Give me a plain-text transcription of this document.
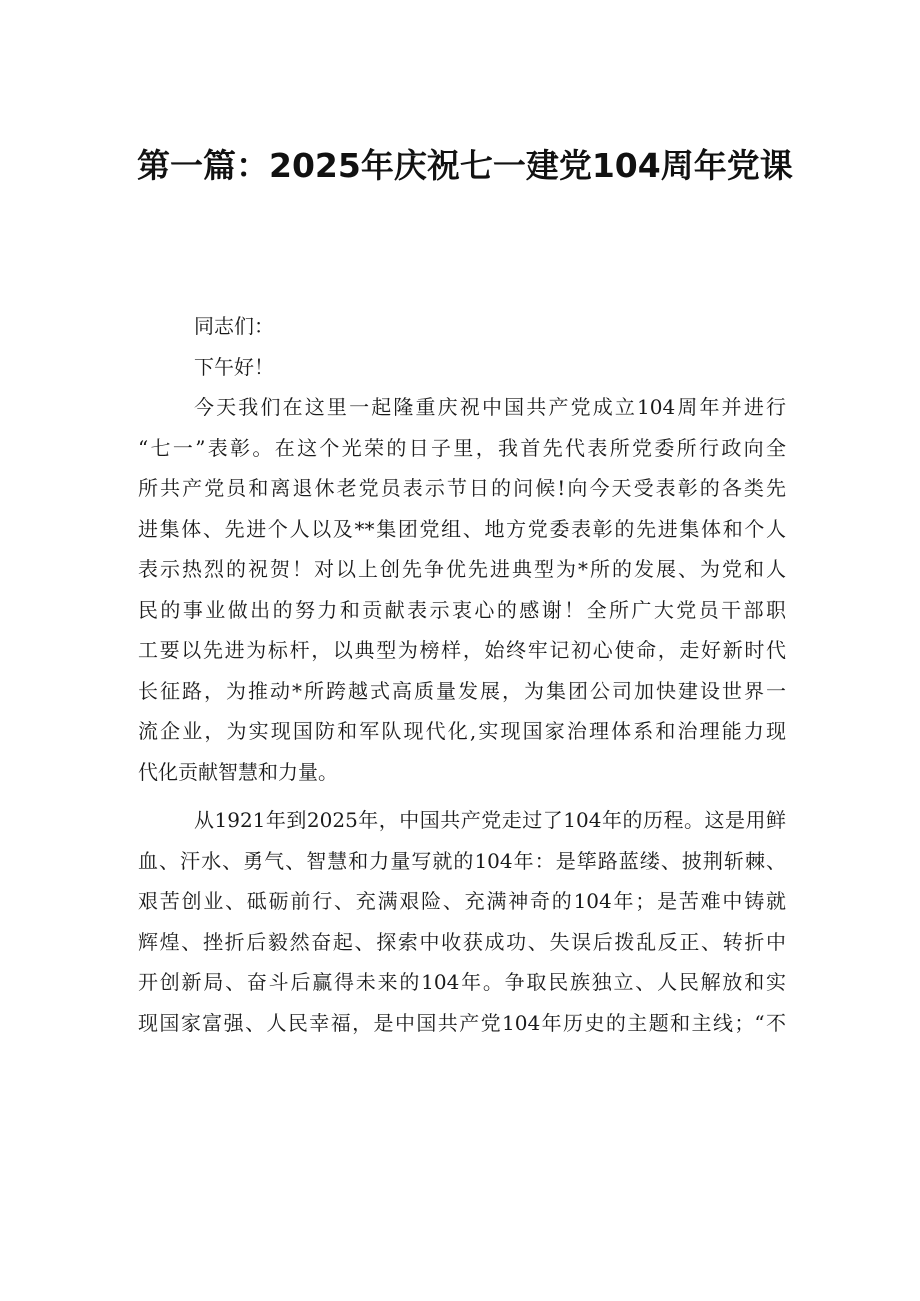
第一篇：2025年庆祝七一建党104周年党课
同志们：
下午好！
今天我们在这里一起隆重庆祝中国共产党成立104周年并进行
“七一”表彰。在这个光荣的日子里，我首先代表所党委所行政向全
所共产党员和离退休老党员表示节日的问候!向今天受表彰的各类先
进集体、先进个人以及**集团党组、地方党委表彰的先进集体和个人
表示热烈的祝贺！对以上创先争优先进典型为*所的发展、为党和人
民的事业做出的努力和贡献表示衷心的感谢！全所广大党员干部职
工要以先进为标杆，以典型为榜样，始终牢记初心使命，走好新时代
长征路，为推动*所跨越式高质量发展，为集团公司加快建设世界一
流企业，为实现国防和军队现代化,实现国家治理体系和治理能力现
代化贡献智慧和力量。
从1921年到2025年，中国共产党走过了104年的历程。这是用鲜
血、汗水、勇气、智慧和力量写就的104年：是筚路蓝缕、披荆斩棘、
艰苦创业、砥砺前行、充满艰险、充满神奇的104年；是苦难中铸就
辉煌、挫折后毅然奋起、探索中收获成功、失误后拨乱反正、转折中
开创新局、奋斗后赢得未来的104年。争取民族独立、人民解放和实
现国家富强、人民幸福，是中国共产党104年历史的主题和主线；“不
